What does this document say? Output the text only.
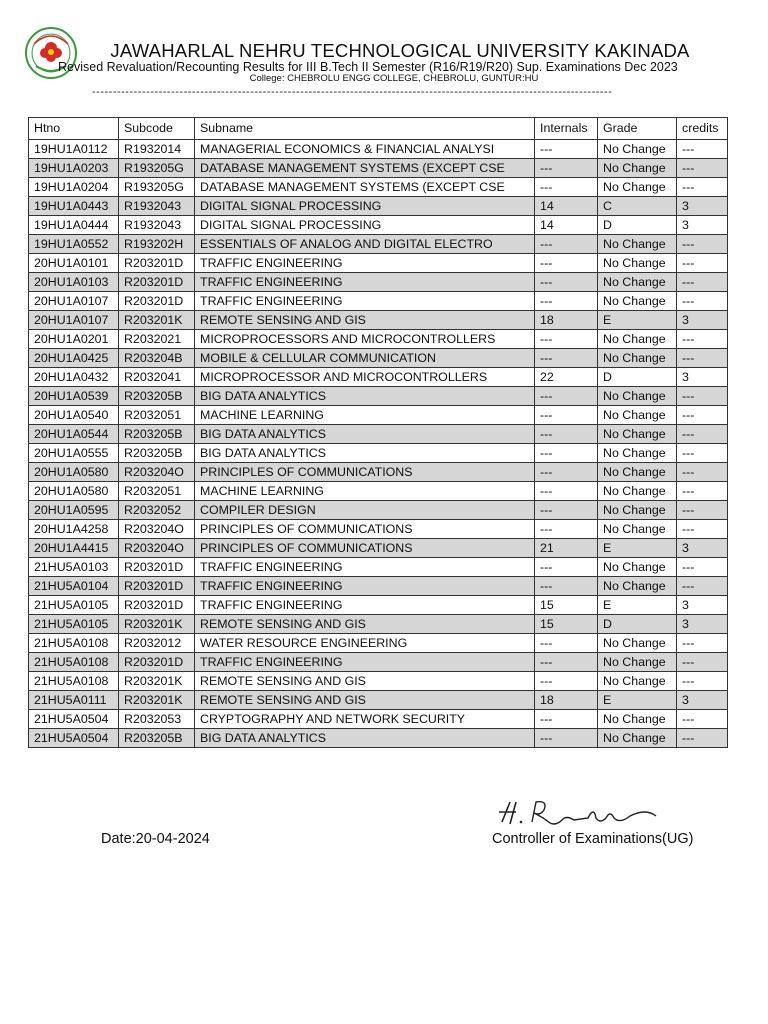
JAWAHARLAL NEHRU TECHNOLOGICAL UNIVERSITY KAKINADA
Revised Revaluation/Recounting Results for III B.Tech II Semester (R16/R19/R20) Sup. Examinations Dec 2023
College: CHEBROLU ENGG COLLEGE, CHEBROLU, GUNTUR:HU
-----------------------------------------------------------------------------------------------------------------------------
Htno	Subcode	Subname	Internals	Grade	credits
19HU1A0112	R1932014	MANAGERIAL ECONOMICS & FINANCIAL ANALYSI	---	No Change	---
19HU1A0203	R193205G	DATABASE MANAGEMENT SYSTEMS (EXCEPT CSE	---	No Change	---
19HU1A0204	R193205G	DATABASE MANAGEMENT SYSTEMS (EXCEPT CSE	---	No Change	---
19HU1A0443	R1932043	DIGITAL SIGNAL PROCESSING	14	C	3
19HU1A0444	R1932043	DIGITAL SIGNAL PROCESSING	14	D	3
19HU1A0552	R193202H	ESSENTIALS OF ANALOG AND DIGITAL ELECTRO	---	No Change	---
20HU1A0101	R203201D	TRAFFIC ENGINEERING	---	No Change	---
20HU1A0103	R203201D	TRAFFIC ENGINEERING	---	No Change	---
20HU1A0107	R203201D	TRAFFIC ENGINEERING	---	No Change	---
20HU1A0107	R203201K	REMOTE SENSING AND GIS	18	E	3
20HU1A0201	R2032021	MICROPROCESSORS AND MICROCONTROLLERS	---	No Change	---
20HU1A0425	R203204B	MOBILE & CELLULAR COMMUNICATION	---	No Change	---
20HU1A0432	R2032041	MICROPROCESSOR AND MICROCONTROLLERS	22	D	3
20HU1A0539	R203205B	BIG DATA ANALYTICS	---	No Change	---
20HU1A0540	R2032051	MACHINE LEARNING	---	No Change	---
20HU1A0544	R203205B	BIG DATA ANALYTICS	---	No Change	---
20HU1A0555	R203205B	BIG DATA ANALYTICS	---	No Change	---
20HU1A0580	R203204O	PRINCIPLES OF COMMUNICATIONS	---	No Change	---
20HU1A0580	R2032051	MACHINE LEARNING	---	No Change	---
20HU1A0595	R2032052	COMPILER DESIGN	---	No Change	---
20HU1A4258	R203204O	PRINCIPLES OF COMMUNICATIONS	---	No Change	---
20HU1A4415	R203204O	PRINCIPLES OF COMMUNICATIONS	21	E	3
21HU5A0103	R203201D	TRAFFIC ENGINEERING	---	No Change	---
21HU5A0104	R203201D	TRAFFIC ENGINEERING	---	No Change	---
21HU5A0105	R203201D	TRAFFIC ENGINEERING	15	E	3
21HU5A0105	R203201K	REMOTE SENSING AND GIS	15	D	3
21HU5A0108	R2032012	WATER RESOURCE ENGINEERING	---	No Change	---
21HU5A0108	R203201D	TRAFFIC ENGINEERING	---	No Change	---
21HU5A0108	R203201K	REMOTE SENSING AND GIS	---	No Change	---
21HU5A0111	R203201K	REMOTE SENSING AND GIS	18	E	3
21HU5A0504	R2032053	CRYPTOGRAPHY AND NETWORK SECURITY	---	No Change	---
21HU5A0504	R203205B	BIG DATA ANALYTICS	---	No Change	---
Date:20-04-2024	Controller of Examinations(UG)
